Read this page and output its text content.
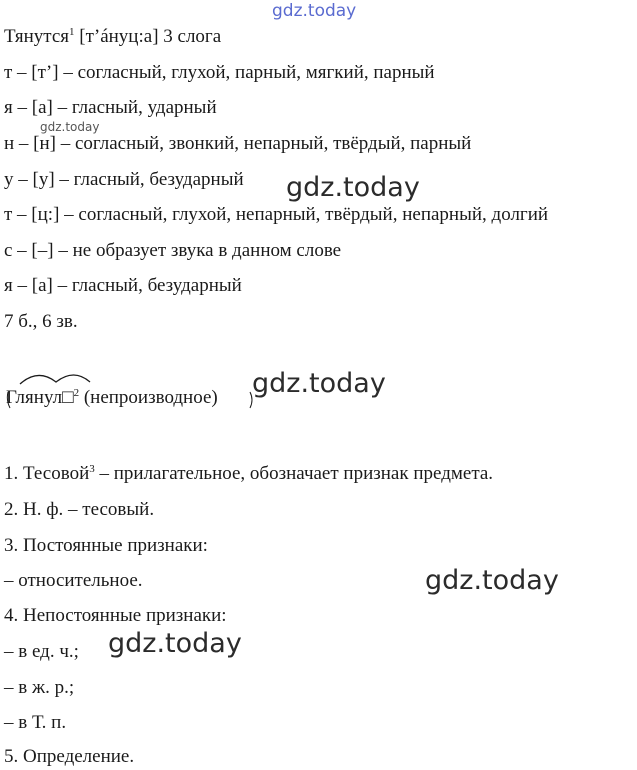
gdz.today
gdz.today
gdz.today
gdz.today
gdz.today
gdz.today
Тянутся$^1$ [т’áнуц:а] 3 слога
т – [т’] – согласный, глухой, парный, мягкий, парный
я – [а] – гласный, ударный
н – [н] – согласный, звонкий, непарный, твёрдый, парный
у – [у] – гласный, безударный
т – [ц:] – согласный, глухой, непарный, твёрдый, непарный, долгий
с – [–] – не образует звука в данном слове
я – [а] – гласный, безударный
7 б., 6 зв.
Глянул□$^2$ (непроизводное)
1. Тесовой$^3$ – прилагательное, обозначает признак предмета.
2. Н. ф. – тесовый.
3. Постоянные признаки:
– относительное.
4. Непостоянные признаки:
– в ед. ч.;
– в ж. р.;
– в Т. п.
5. Определение.
